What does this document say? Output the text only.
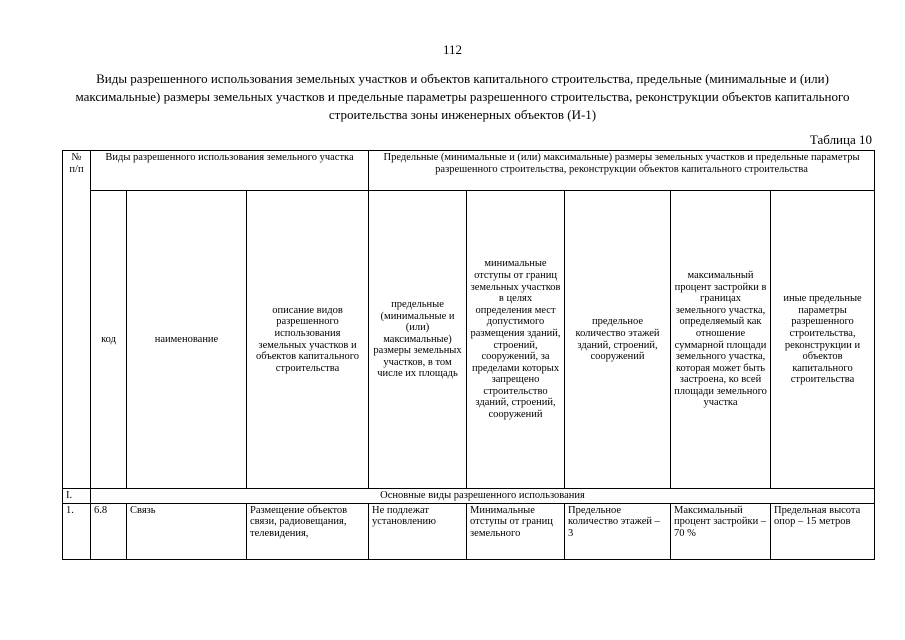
112
Виды разрешенного использования земельных участков и объектов капитального строительства, предельные (минимальные и (или) максимальные) размеры земельных участков и предельные параметры разрешенного строительства, реконструкции объектов капитального строительства зоны инженерных объектов (И-1)
Таблица 10
№ п/п	Виды разрешенного использования земельного участка			Предельные (минимальные и (или) максимальные) размеры земельных участков и предельные параметры разрешенного строительства, реконструкции объектов капитального строительства				
	код	наименование	описание видов разрешенного использования земельных участков и объектов капитального строительства	предельные (минимальные и (или) максимальные) размеры земельных участков, в том числе их площадь	минимальные отступы от границ земельных участков в целях определения мест допустимого размещения зданий, строений, сооружений, за пределами которых запрещено строительство зданий, строений, сооружений	предельное количество этажей зданий, строений, сооружений	максимальный процент застройки в границах земельного участка, определяемый как отношение суммарной площади земельного участка, которая может быть застроена, ко всей площади земельного участка	иные предельные параметры разрешенного строительства, реконструкции и объектов капитального строительства
I.	Основные виды разрешенного использования							
1.	6.8	Связь	Размещение объектов связи, радиовещания, телевидения,	Не подлежат установлению	Минимальные отступы от границ земельного	Предельное количество этажей – 3	Максимальный процент застройки – 70 %	Предельная высота опор – 15 метров
